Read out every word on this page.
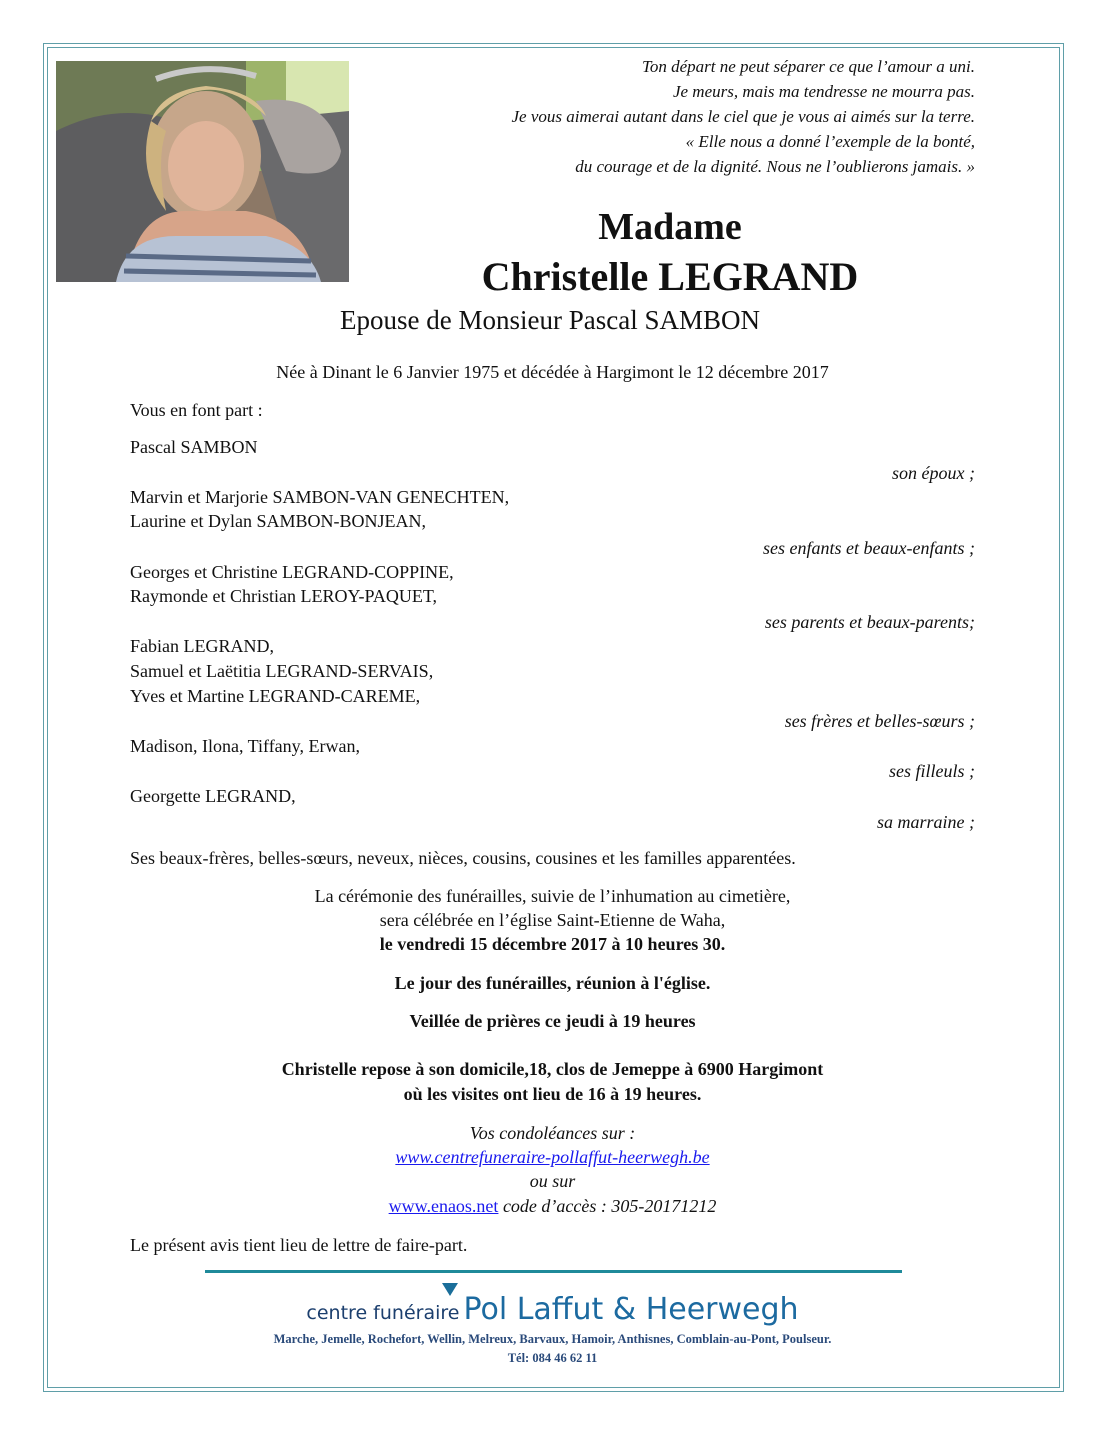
Ton départ ne peut séparer ce que l’amour a uni.
Je meurs, mais ma tendresse ne mourra pas.
Je vous aimerai autant dans le ciel que je vous ai aimés sur la terre.
« Elle nous a donné l’exemple de la bonté,
du courage et de la dignité. Nous ne l’oublierons jamais. »
Madame
Christelle LEGRAND
Epouse de Monsieur Pascal SAMBON
Née à Dinant le 6 Janvier 1975 et décédée à Hargimont le 12 décembre 2017
Vous en font part :
Pascal SAMBON
son époux ;
Marvin et Marjorie SAMBON-VAN GENECHTEN,
Laurine et Dylan SAMBON-BONJEAN,
ses enfants et beaux-enfants ;
Georges et Christine LEGRAND-COPPINE,
Raymonde et Christian LEROY-PAQUET,
ses parents et beaux-parents;
Fabian LEGRAND,
Samuel et Laëtitia LEGRAND-SERVAIS,
Yves et Martine LEGRAND-CAREME,
ses frères et belles-sœurs ;
Madison, Ilona, Tiffany, Erwan,
ses filleuls ;
Georgette LEGRAND,
sa marraine ;
Ses beaux-frères, belles-sœurs, neveux, nièces, cousins, cousines et les familles apparentées.
La cérémonie des funérailles, suivie de l’inhumation au cimetière,
sera célébrée en l’église Saint-Etienne de Waha,
le vendredi 15 décembre 2017 à 10 heures 30.
Le jour des funérailles, réunion à l'église.
Veillée de prières ce jeudi à 19 heures
Christelle repose à son domicile,18, clos de Jemeppe à 6900 Hargimont
où les visites ont lieu de 16 à 19 heures.
Vos condoléances sur :
www.centrefuneraire-pollaffut-heerwegh.be
ou sur
www.enaos.net code d’accès : 305-20171212
Le présent avis tient lieu de lettre de faire-part.
centre funéraire Pol Laffut & Heerwegh
Marche, Jemelle, Rochefort, Wellin, Melreux, Barvaux, Hamoir, Anthisnes, Comblain-au-Pont, Poulseur.
Tél: 084 46 62 11
